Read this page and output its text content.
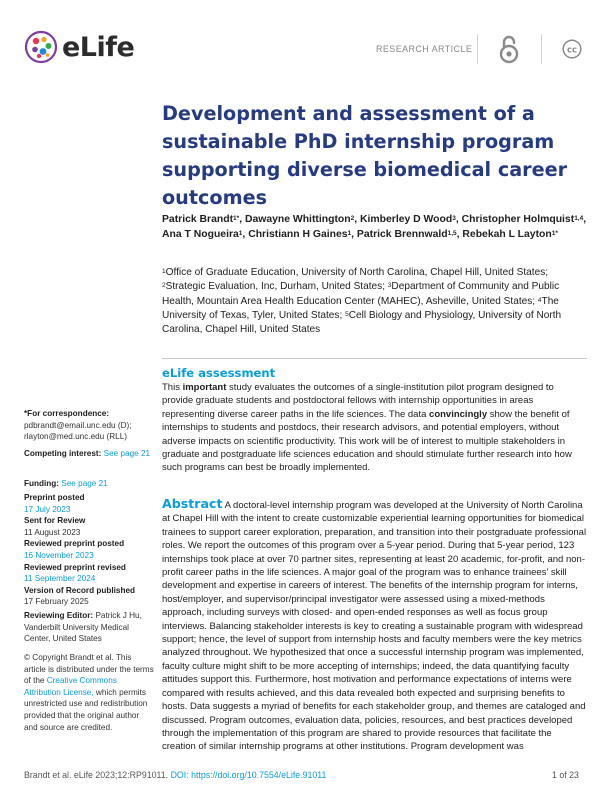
eLife	RESEARCH ARTICLE	cc
Development and assessment of a sustainable PhD internship program supporting diverse biomedical career outcomes
Patrick Brandt$^{1*}$, Dawayne Whittington$^2$, Kimberley D Wood$^3$, Christopher Holmquist$^{1,4}$, Ana T Nogueira$^1$, Christiann H Gaines$^1$, Patrick Brennwald$^{1,5}$, Rebekah L Layton$^{1*}$
$^1$Office of Graduate Education, University of North Carolina, Chapel Hill, United States; $^2$Strategic Evaluation, Inc, Durham, United States; $^3$Department of Community and Public Health, Mountain Area Health Education Center (MAHEC), Asheville, United States; $^4$The University of Texas, Tyler, United States; $^5$Cell Biology and Physiology, University of North Carolina, Chapel Hill, United States
eLife assessment

This important study evaluates the outcomes of a single-institution pilot program designed to provide graduate students and postdoctoral fellows with internship opportunities in areas representing diverse career paths in the life sciences. The data convincingly show the benefit of internships to students and postdocs, their research advisors, and potential employers, without adverse impacts on scientific productivity. This work will be of interest to multiple stakeholders in graduate and postgraduate life sciences education and should stimulate further research into how such programs can best be broadly implemented.

*For correspondence:
pdbrandt@email.unc.edu (D); rlayton@med.unc.edu (RLL)
Competing interest: See page 21
Funding: See page 21
Preprint posted
17 July 2023
Sent for Review
11 August 2023
Reviewed preprint posted
16 November 2023
Reviewed preprint revised
11 September 2024
Version of Record published
17 February 2025
Reviewing Editor: Patrick J Hu, Vanderbilt University Medical Center, United States
© Copyright Brandt et al. This article is distributed under the terms of the Creative Commons Attribution License, which permits unrestricted use and redistribution provided that the original author and source are credited.

Abstract A doctoral-level internship program was developed at the University of North Carolina at Chapel Hill with the intent to create customizable experiential learning opportunities for biomedical trainees to support career exploration, preparation, and transition into their postgraduate professional roles. We report the outcomes of this program over a 5-year period. During that 5-year period, 123 internships took place at over 70 partner sites, representing at least 20 academic, for-profit, and non-profit career paths in the life sciences. A major goal of the program was to enhance trainees’ skill development and expertise in careers of interest. The benefits of the internship program for interns, host/employer, and supervisor/principal investigator were assessed using a mixed-methods approach, including surveys with closed- and open-ended responses as well as focus group interviews. Balancing stakeholder interests is key to creating a sustainable program with widespread support; hence, the level of support from internship hosts and faculty members were the key metrics analyzed throughout. We hypothesized that once a successful internship program was implemented, faculty culture might shift to be more accepting of internships; indeed, the data quantifying faculty attitudes support this. Furthermore, host motivation and performance expectations of interns were compared with results achieved, and this data revealed both expected and surprising benefits to hosts. Data suggests a myriad of benefits for each stakeholder group, and themes are cataloged and discussed. Program outcomes, evaluation data, policies, resources, and best practices developed through the implementation of this program are shared to provide resources that facilitate the creation of similar internship programs at other institutions. Program development was

Brandt et al. eLife 2023;12:RP91011. DOI: https://doi.org/10.7554/eLife.91011	1 of 23
